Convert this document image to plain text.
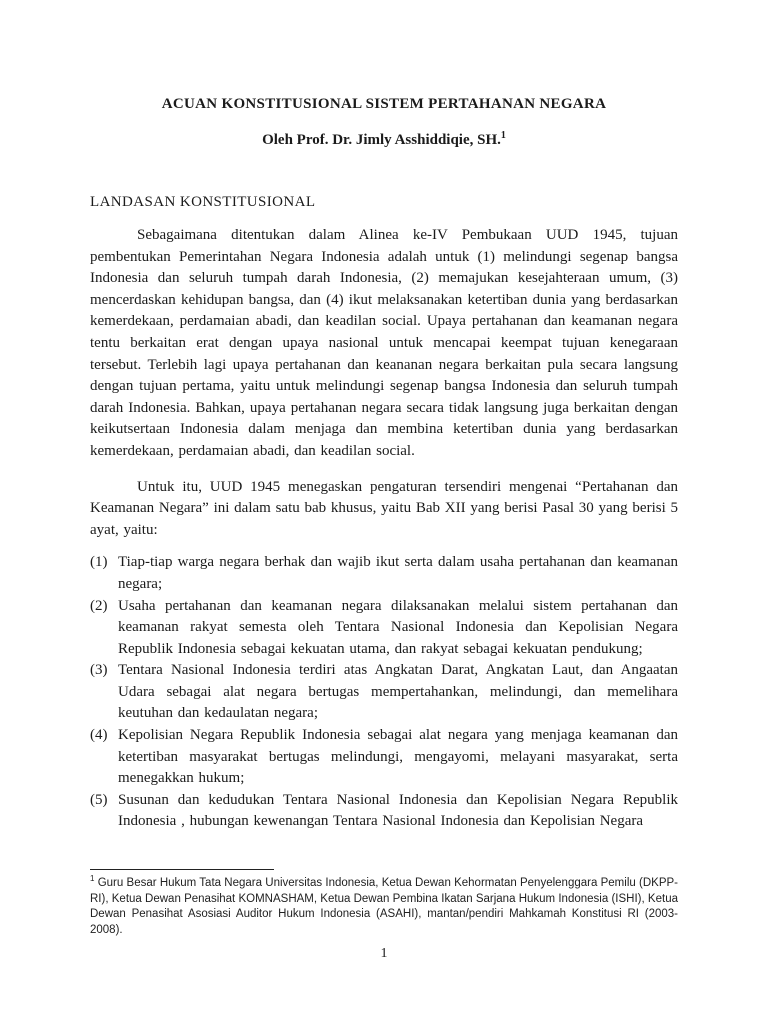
ACUAN KONSTITUSIONAL SISTEM PERTAHANAN NEGARA
Oleh Prof. Dr. Jimly Asshiddiqie, SH.$^1$
LANDASAN KONSTITUSIONAL

Sebagaimana ditentukan dalam Alinea ke-IV Pembukaan UUD 1945, tujuan pembentukan Pemerintahan Negara Indonesia adalah untuk (1) melindungi segenap bangsa Indonesia dan seluruh tumpah darah Indonesia, (2) memajukan kesejahteraan umum, (3) mencerdaskan kehidupan bangsa, dan (4) ikut melaksanakan ketertiban dunia yang berdasarkan kemerdekaan, perdamaian abadi, dan keadilan social. Upaya pertahanan dan keamanan negara tentu berkaitan erat dengan upaya nasional untuk mencapai keempat tujuan kenegaraan tersebut. Terlebih lagi upaya pertahanan dan keananan negara berkaitan pula secara langsung dengan tujuan pertama, yaitu untuk melindungi segenap bangsa Indonesia dan seluruh tumpah darah Indonesia. Bahkan, upaya pertahanan negara secara tidak langsung juga berkaitan dengan keikutsertaan Indonesia dalam menjaga dan membina ketertiban dunia yang berdasarkan kemerdekaan, perdamaian abadi, dan keadilan social.

Untuk itu, UUD 1945 menegaskan pengaturan tersendiri mengenai “Pertahanan dan Keamanan Negara” ini dalam satu bab khusus, yaitu Bab XII yang berisi Pasal 30 yang berisi 5 ayat, yaitu:

(1) Tiap-tiap warga negara berhak dan wajib ikut serta dalam usaha pertahanan dan keamanan negara;
(2) Usaha pertahanan dan keamanan negara dilaksanakan melalui sistem pertahanan dan keamanan rakyat semesta oleh Tentara Nasional Indonesia dan Kepolisian Negara Republik Indonesia sebagai kekuatan utama, dan rakyat sebagai kekuatan pendukung;
(3) Tentara Nasional Indonesia terdiri atas Angkatan Darat, Angkatan Laut, dan Angaatan Udara sebagai alat negara bertugas mempertahankan, melindungi, dan memelihara keutuhan dan kedaulatan negara;
(4) Kepolisian Negara Republik Indonesia sebagai alat negara yang menjaga keamanan dan ketertiban masyarakat bertugas melindungi, mengayomi, melayani masyarakat, serta menegakkan hukum;
(5) Susunan dan kedudukan Tentara Nasional Indonesia dan Kepolisian Negara Republik Indonesia , hubungan kewenangan Tentara Nasional Indonesia dan Kepolisian Negara
$^1$ Guru Besar Hukum Tata Negara Universitas Indonesia, Ketua Dewan Kehormatan Penyelenggara Pemilu (DKPP-RI), Ketua Dewan Penasihat KOMNASHAM, Ketua Dewan Pembina Ikatan Sarjana Hukum Indonesia (ISHI), Ketua Dewan Penasihat Asosiasi Auditor Hukum Indonesia (ASAHI), mantan/pendiri Mahkamah Konstitusi RI (2003-2008).
1
